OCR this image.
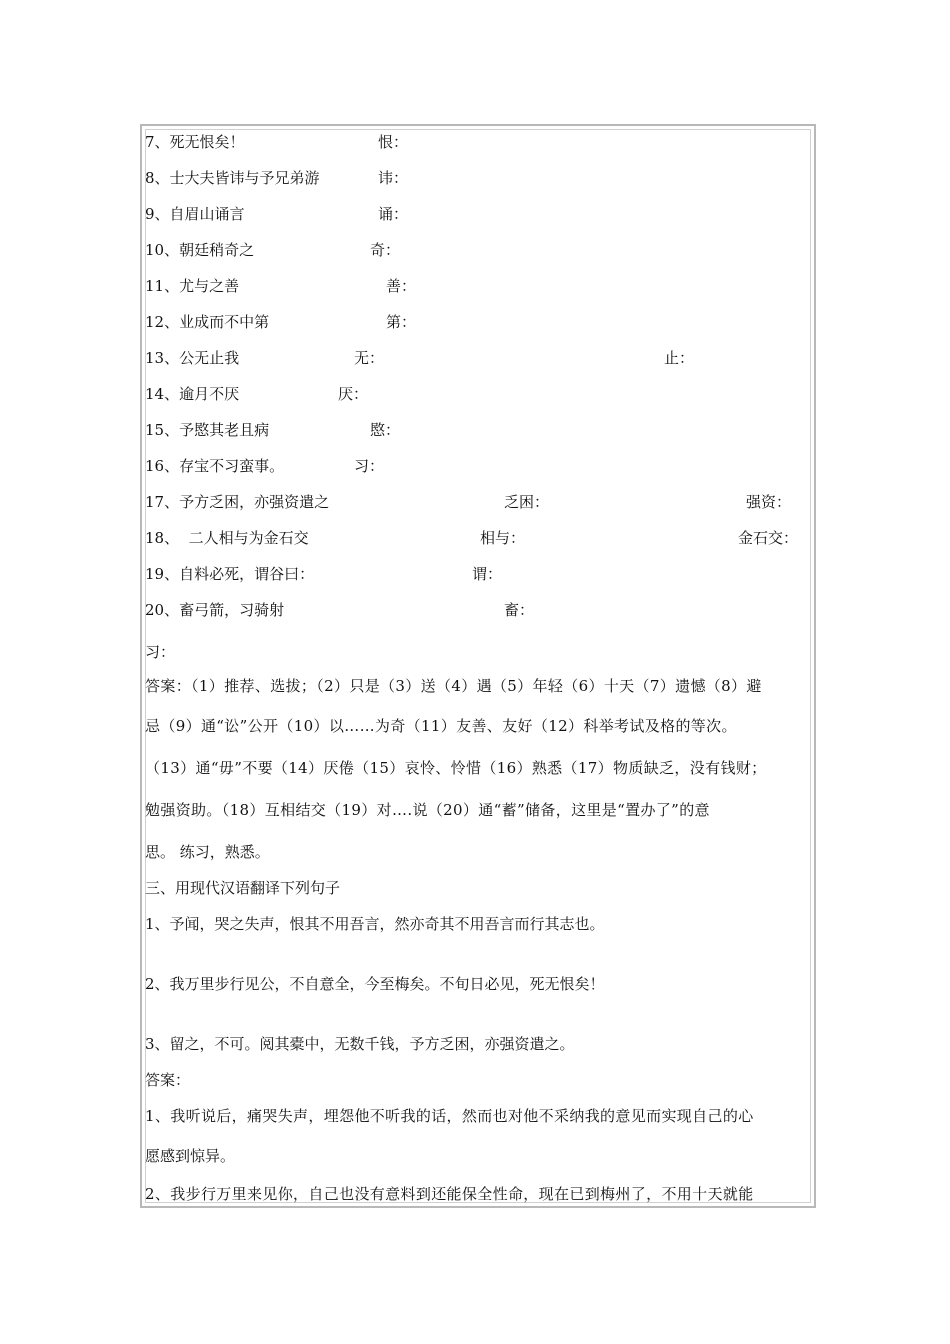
7、死无恨矣！	恨：
8、士大夫皆讳与予兄弟游	讳：
9、自眉山诵言	诵：
10、朝廷稍奇之	奇：
11、尤与之善	善：
12、业成而不中第	第：
13、公无止我	无：	止：
14、逾月不厌	厌：
15、予愍其老且病	愍：
16、存宝不习蛮事。	习：
17、予方乏困，亦强资遣之	乏困：	强资：
18、  二人相与为金石交	相与：	金石交：
19、自料必死，谓谷曰：	谓：
20、畜弓箭，习骑射	畜：
习：
答案：（1）推荐、选拔；（2）只是（3）送（4）遇（5）年轻（6）十天（7）遗憾（8）避
忌（9）通“讼”公开（10）以……为奇（11）友善、友好（12）科举考试及格的等次。
（13）通“毋”不要（14）厌倦（15）哀怜、怜惜（16）熟悉（17）物质缺乏，没有钱财；
勉强资助。（18）互相结交（19）对….说（20）通“蓄”储备，这里是“置办了”的意
思。 练习，熟悉。
三、用现代汉语翻译下列句子
1、予闻，哭之失声，恨其不用吾言，然亦奇其不用吾言而行其志也。
2、我万里步行见公，不自意全，今至梅矣。不旬日必见，死无恨矣！
3、留之，不可。阅其橐中，无数千钱，予方乏困，亦强资遣之。
答案：
1、我听说后，痛哭失声，埋怨他不听我的话，然而也对他不采纳我的意见而实现自己的心
愿感到惊异。
2、我步行万里来见你，自己也没有意料到还能保全性命，现在已到梅州了，不用十天就能
